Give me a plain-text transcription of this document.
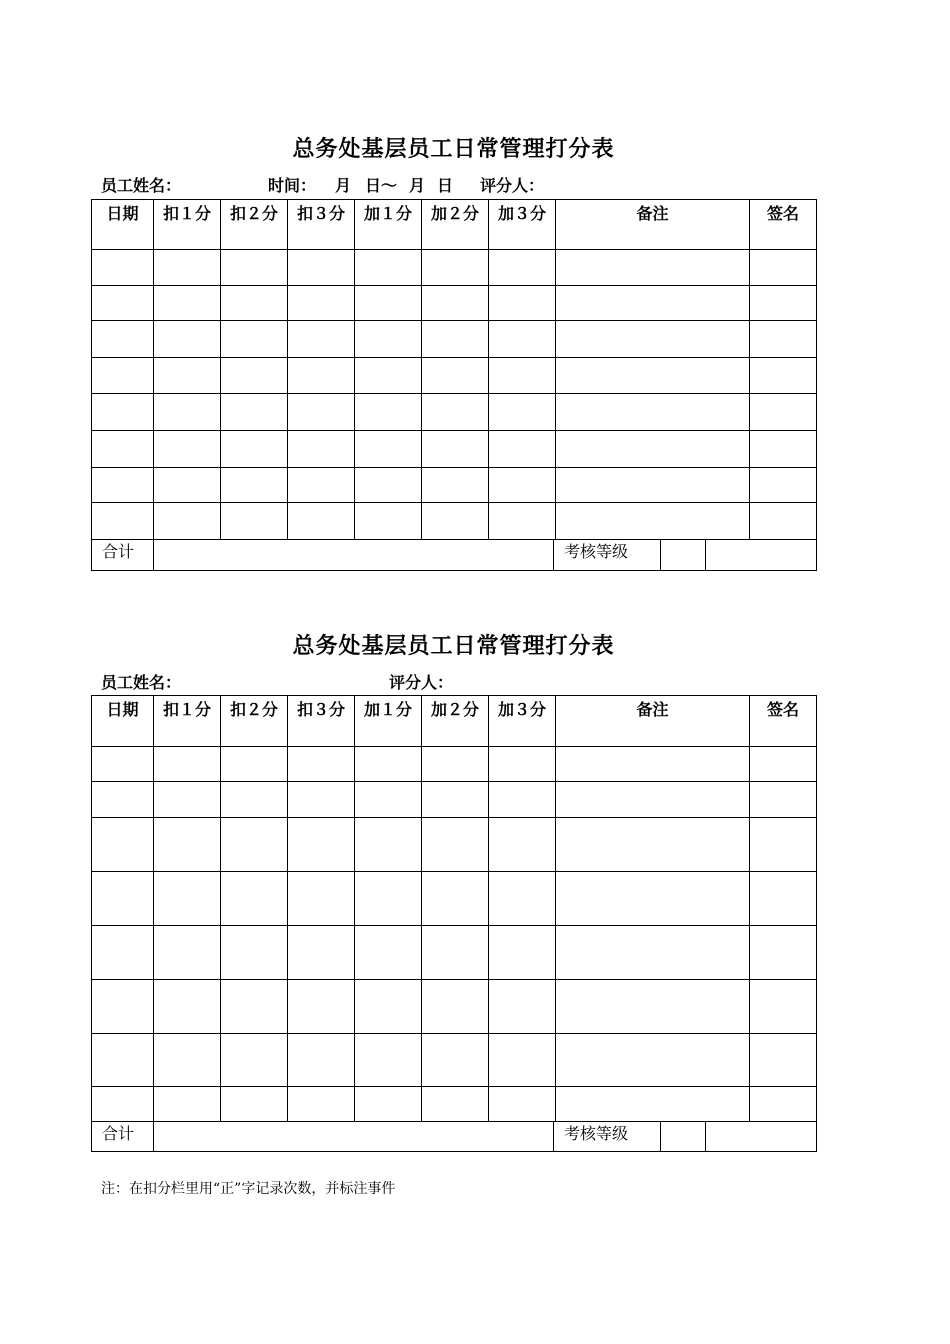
总务处基层员工日常管理打分表
员工姓名：	时间： 月 日～ 月 日 评分人：
日期	扣１分	扣２分	扣３分	加１分	加２分	加３分	备注	签名

合计		考核等级		
总务处基层员工日常管理打分表
员工姓名：	评分人：
日期	扣１分	扣２分	扣３分	加１分	加２分	加３分	备注	签名

合计		考核等级		
注：在扣分栏里用“正”字记录次数，并标注事件
